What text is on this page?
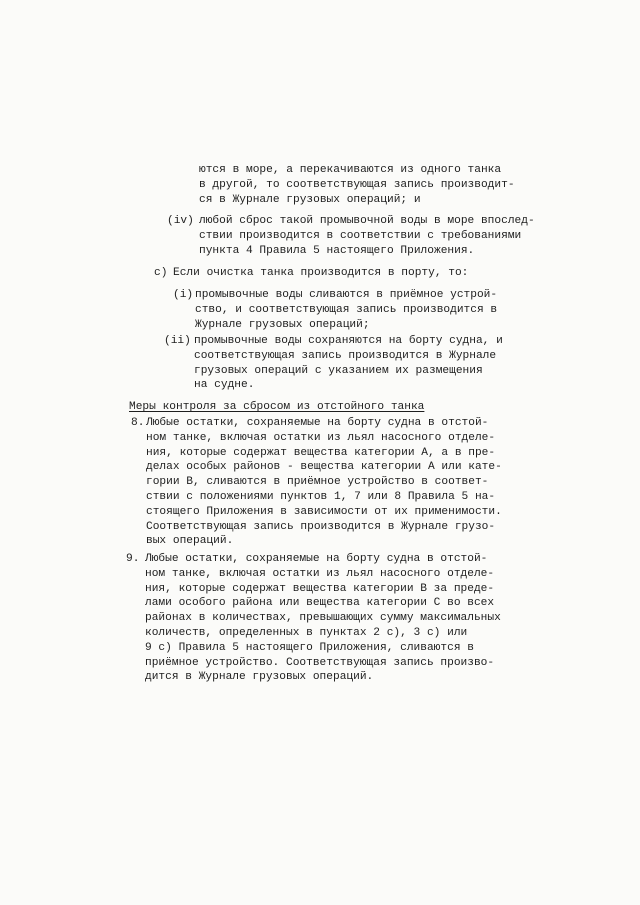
ются в море, а перекачиваются из одного танка
в другой, то соответствующая запись производит-
ся в Журнале грузовых операций; и
(iv) любой сброс такой промывочной воды в море впослед-
ствии производится в соответствии с требованиями
пункта 4 Правила 5 настоящего Приложения.
с) Если очистка танка производится в порту, то:
(i) промывочные воды сливаются в приёмное устрой-
ство, и соответствующая запись производится в
Журнале грузовых операций;
(ii) промывочные воды сохраняются на борту судна, и
соответствующая запись производится в Журнале
грузовых операций с указанием их размещения
на судне.
Меры контроля за сбросом из отстойного танка
8. Любые остатки, сохраняемые на борту судна в отстой-
ном танке, включая остатки из льял насосного отделе-
ния, которые содержат вещества категории А, а в пре-
делах особых районов - вещества категории А или кате-
гории В, сливаются в приёмное устройство в соответ-
ствии с положениями пунктов 1, 7 или 8 Правила 5 на-
стоящего Приложения в зависимости от их применимости.
Соответствующая запись производится в Журнале грузо-
вых операций.
9. Любые остатки, сохраняемые на борту судна в отстой-
ном танке, включая остатки из льял насосного отделе-
ния, которые содержат вещества категории В за преде-
лами особого района или вещества категории С во всех
районах в количествах, превышающих сумму максимальных
количеств, определенных в пунктах 2 с), 3 с) или
9 с) Правила 5 настоящего Приложения, сливаются в
приёмное устройство. Соответствующая запись произво-
дится в Журнале грузовых операций.
